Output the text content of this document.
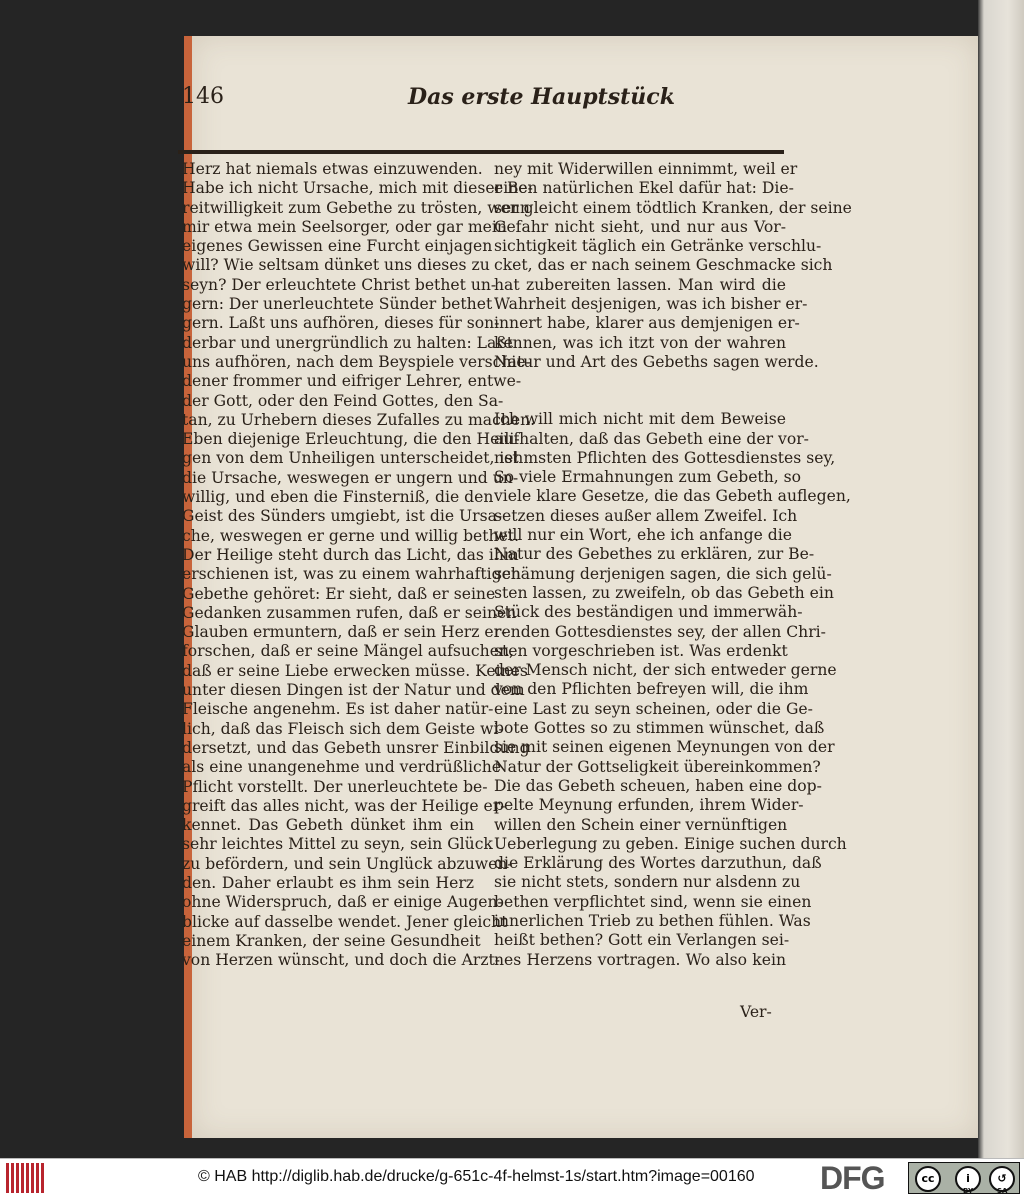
146	Das erste Hauptstück
Herz hat niemals etwas einzuwenden.
Habe ich nicht Ursache, mich mit dieser Be-
reitwilligkeit zum Gebethe zu trösten, wenn
mir etwa mein Seelsorger, oder gar mein
eigenes Gewissen eine Furcht einjagen
will? Wie seltsam dünket uns dieses zu
seyn? Der erleuchtete Christ bethet un-
gern: Der unerleuchtete Sünder bethet
gern. Laßt uns aufhören, dieses für son-
derbar und unergründlich zu halten: Laßt
uns aufhören, nach dem Beyspiele verschie-
dener frommer und eifriger Lehrer, entwe-
der Gott, oder den Feind Gottes, den Sa-
tan, zu Urhebern dieses Zufalles zu machen.
Eben diejenige Erleuchtung, die den Heili-
gen von dem Unheiligen unterscheidet, ist
die Ursache, weswegen er ungern und un-
willig, und eben die Finsterniß, die den
Geist des Sünders umgiebt, ist die Ursa-
che, weswegen er gerne und willig bethet.
Der Heilige steht durch das Licht, das ihm
erschienen ist, was zu einem wahrhaftigen
Gebethe gehöret: Er sieht, daß er seine
Gedanken zusammen rufen, daß er seinen
Glauben ermuntern, daß er sein Herz er-
forschen, daß er seine Mängel aufsuchen,
daß er seine Liebe erwecken müsse. Keines
unter diesen Dingen ist der Natur und dem
Fleische angenehm. Es ist daher natür-
lich, daß das Fleisch sich dem Geiste wi-
dersetzt, und das Gebeth unsrer Einbildung
als eine unangenehme und verdrüßliche
Pflicht vorstellt. Der unerleuchtete be-
greift das alles nicht, was der Heilige er-
kennet. Das Gebeth dünket ihm ein
sehr leichtes Mittel zu seyn, sein Glück
zu befördern, und sein Unglück abzuwen-
den. Daher erlaubt es ihm sein Herz
ohne Widerspruch, daß er einige Augen-
blicke auf dasselbe wendet. Jener gleicht
einem Kranken, der seine Gesundheit
von Herzen wünscht, und doch die Arzt-
ney mit Widerwillen einnimmt, weil er
einen natürlichen Ekel dafür hat: Die-
ser gleicht einem tödtlich Kranken, der seine
Gefahr nicht sieht, und nur aus Vor-
sichtigkeit täglich ein Getränke verschlu-
cket, das er nach seinem Geschmacke sich
hat zubereiten lassen. Man wird die
Wahrheit desjenigen, was ich bisher er-
innert habe, klarer aus demjenigen er-
kennen, was ich itzt von der wahren
Natur und Art des Gebeths sagen werde.
Ich will mich nicht mit dem Beweise
aufhalten, daß das Gebeth eine der vor-
nehmsten Pflichten des Gottesdienstes sey,
So viele Ermahnungen zum Gebeth, so
viele klare Gesetze, die das Gebeth auflegen,
setzen dieses außer allem Zweifel. Ich
will nur ein Wort, ehe ich anfange die
Natur des Gebethes zu erklären, zur Be-
schämung derjenigen sagen, die sich gelü-
sten lassen, zu zweifeln, ob das Gebeth ein
Stück des beständigen und immerwäh-
renden Gottesdienstes sey, der allen Chri-
sten vorgeschrieben ist. Was erdenkt
der Mensch nicht, der sich entweder gerne
von den Pflichten befreyen will, die ihm
eine Last zu seyn scheinen, oder die Ge-
bote Gottes so zu stimmen wünschet, daß
sie mit seinen eigenen Meynungen von der
Natur der Gottseligkeit übereinkommen?
Die das Gebeth scheuen, haben eine dop-
pelte Meynung erfunden, ihrem Wider-
willen den Schein einer vernünftigen
Ueberlegung zu geben. Einige suchen durch
die Erklärung des Wortes darzuthun, daß
sie nicht stets, sondern nur alsdenn zu
bethen verpflichtet sind, wenn sie einen
innerlichen Trieb zu bethen fühlen. Was
heißt bethen? Gott ein Verlangen sei-
nes Herzens vortragen. Wo also kein
Ver-
© HAB http://diglib.hab.de/drucke/g-651c-4f-helmst-1s/start.htm?image=00160 DFG	cc	i	↺
BY	SA
